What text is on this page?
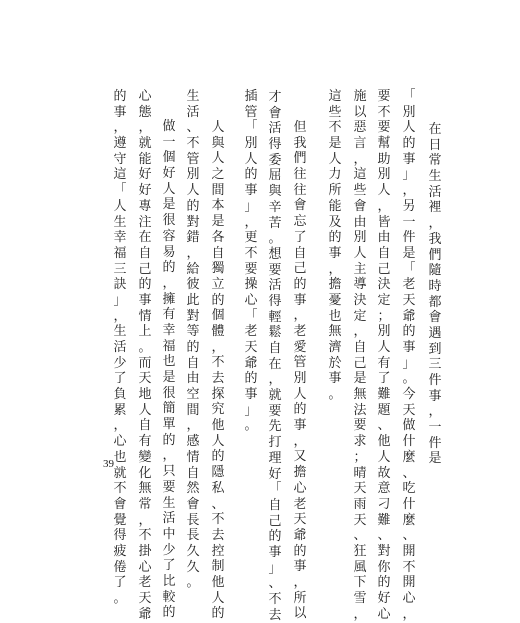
在
日
常
生
活
裡
，
我
們
隨
時
都
會
遇
到
三
件
事
，
一
件
是
「
別
人
的
事
」
，
另
一
件
是
「
老
天
爺
的
事
」
。
今
天
做
什
麼
、
吃
什
麼
、
開
不
開
心
，
要
不
要
幫
助
別
人
，
皆
由
自
己
決
定
；
別
人
有
了
難
題
、
他
人
故
意
刁
難
、
對
你
的
好
心
施
以
惡
言
，
這
些
會
由
別
人
主
導
決
定
，
自
己
是
無
法
要
求
；
晴
天
雨
天
、
狂
風
下
雪
，
這
些
不
是
人
力
所
能
及
的
事
，
擔
憂
也
無
濟
於
事
。
但
我
們
往
往
會
忘
了
自
己
的
事
，
老
愛
管
別
人
的
事
，
又
擔
心
老
天
爺
的
事
，
所
以
才
會
活
得
委
屈
與
辛
苦
。
想
要
活
得
輕
鬆
自
在
，
就
要
先
打
理
好
「
自
己
的
事
」
、
不
去
插
管
「
別
人
的
事
」
，
更
不
要
操
心
「
老
天
爺
的
事
」
。
人
與
人
之
間
本
是
各
自
獨
立
的
個
體
，
不
去
探
究
他
人
的
隱
私
、
不
去
控
制
他
人
的
生
活
、
不
管
別
人
的
對
錯
，
給
彼
此
對
等
的
自
由
空
間
，
感
情
自
然
會
長
長
久
久
。
做
一
個
好
人
是
很
容
易
的
，
擁
有
幸
福
也
是
很
簡
單
的
，
只
要
生
活
中
少
了
比
較
的
心
態
，
就
能
好
好
專
注
在
自
己
的
事
情
上
。
而
天
地
人
自
有
變
化
無
常
，
不
掛
心
老
天
爺
的
事
，
遵
守
這
「
人
生
幸
福
三
訣
」
，
生
活
少
了
負
累
，
心
也
就
不
會
覺
得
疲
倦
了
。
39
